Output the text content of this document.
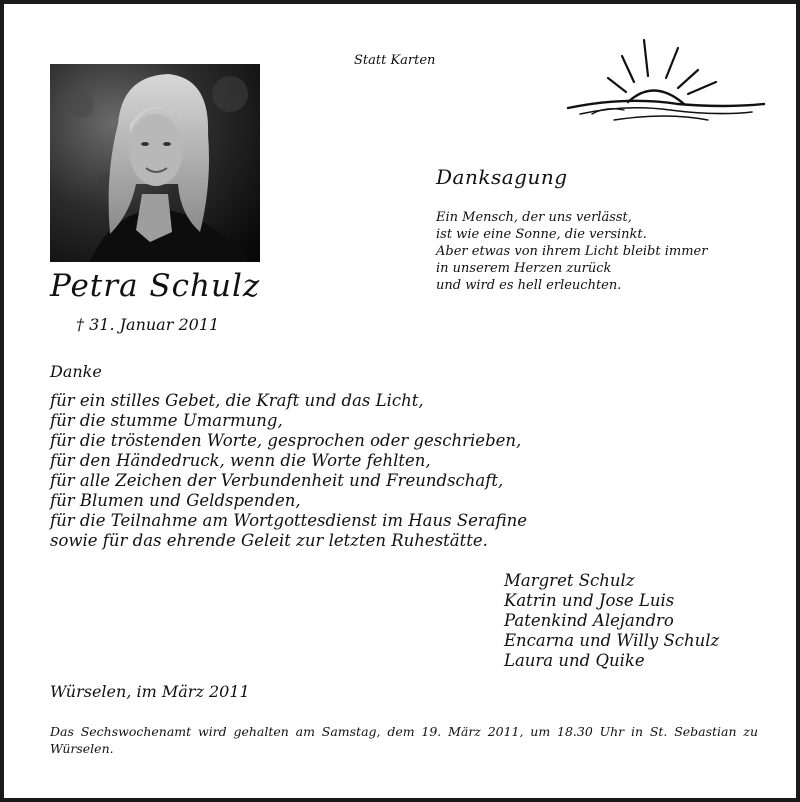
Statt Karten
Danksagung
Ein Mensch, der uns verlässt,
ist wie eine Sonne, die versinkt.
Aber etwas von ihrem Licht bleibt immer
in unserem Herzen zurück
und wird es hell erleuchten.
Petra Schulz
† 31. Januar 2011
Danke
für ein stilles Gebet, die Kraft und das Licht,
für die stumme Umarmung,
für die tröstenden Worte, gesprochen oder geschrieben,
für den Händedruck, wenn die Worte fehlten,
für alle Zeichen der Verbundenheit und Freundschaft,
für Blumen und Geldspenden,
für die Teilnahme am Wortgottesdienst im Haus Serafine
sowie für das ehrende Geleit zur letzten Ruhestätte.
Margret Schulz
Katrin und Jose Luis
Patenkind Alejandro
Encarna und Willy Schulz
Laura und Quike
Würselen, im März 2011
Das Sechswochenamt wird gehalten am Samstag, dem 19. März 2011, um 18.30 Uhr in St. Sebastian zu Würselen.
